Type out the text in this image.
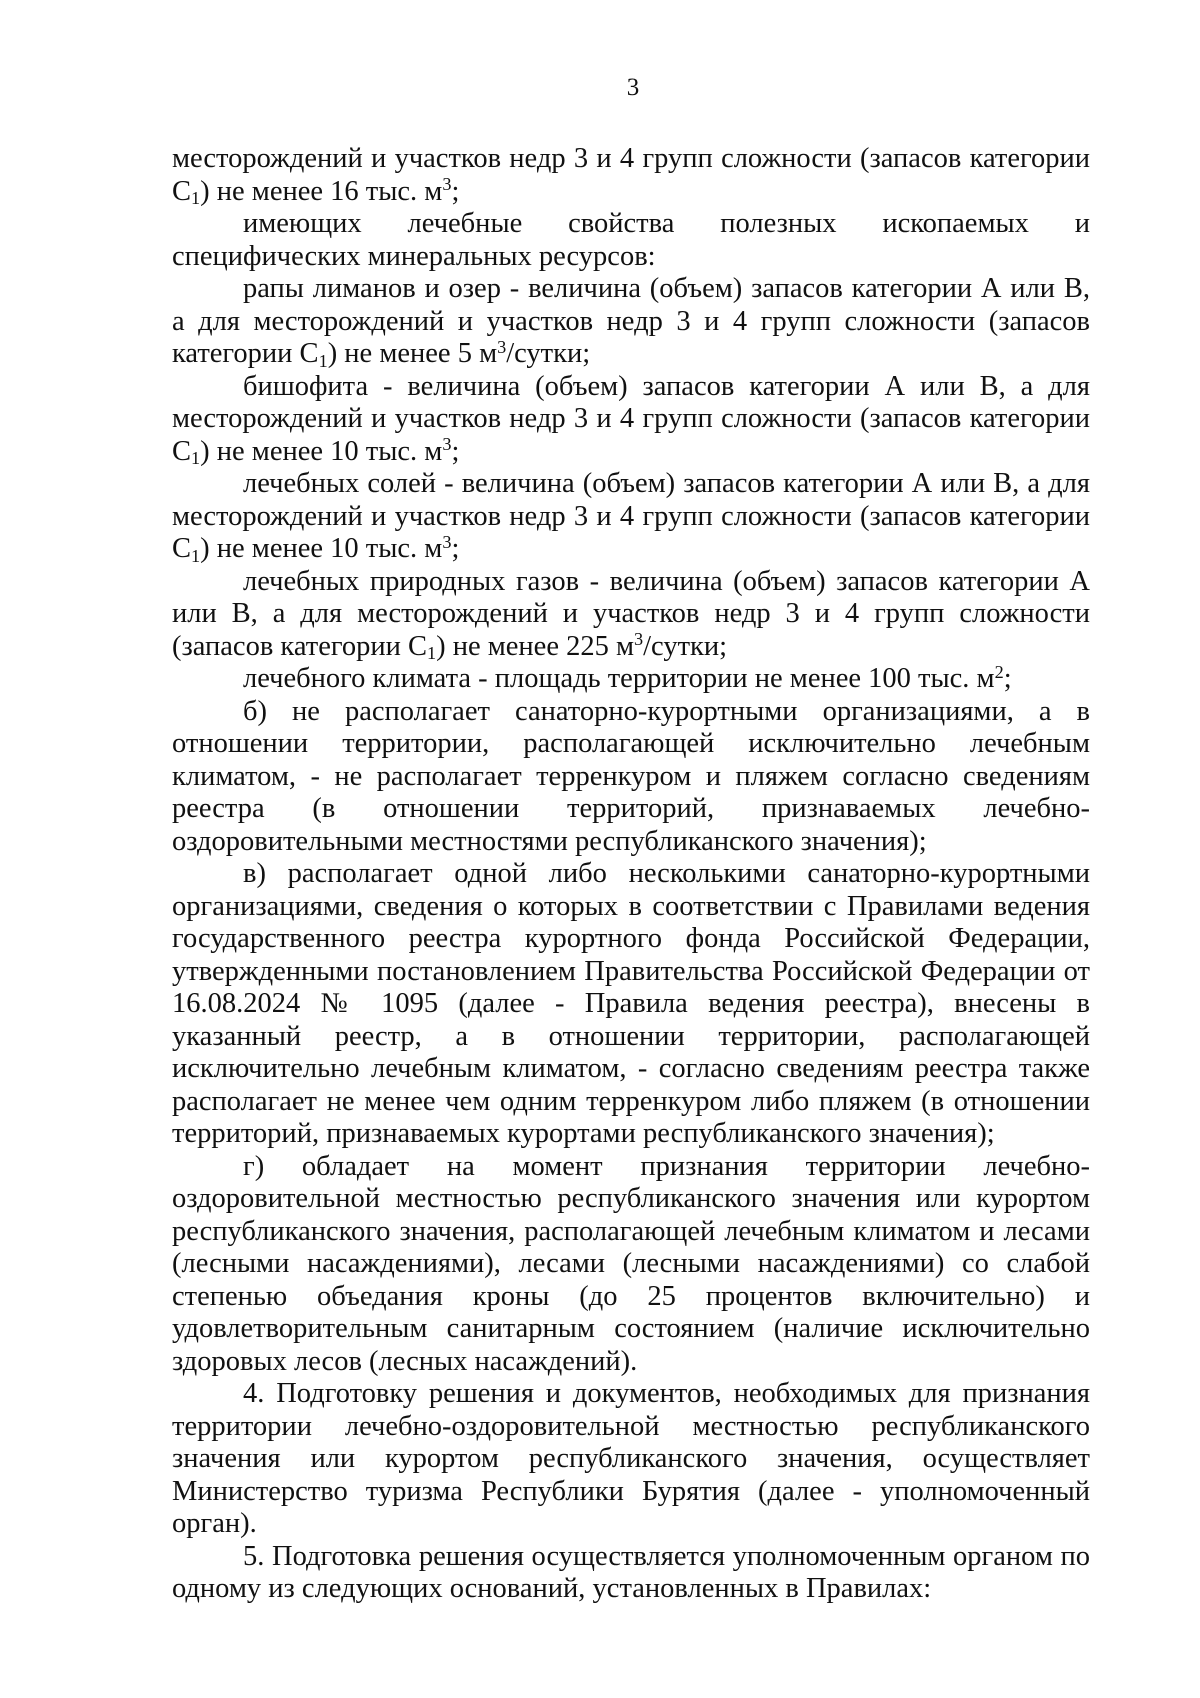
3

месторождений и участков недр 3 и 4 групп сложности (запасов категории $С_1$) не менее 16 тыс. $м^3$;

имеющих лечебные свойства полезных ископаемых и специфических минеральных ресурсов:

рапы лиманов и озер - величина (объем) запасов категории А или В, а для месторождений и участков недр 3 и 4 групп сложности (запасов категории $С_1$) не менее 5 $м^3$/сутки;

бишофита - величина (объем) запасов категории А или В, а для месторождений и участков недр 3 и 4 групп сложности (запасов категории $С_1$) не менее 10 тыс. $м^3$;

лечебных солей - величина (объем) запасов категории А или В, а для месторождений и участков недр 3 и 4 групп сложности (запасов категории $С_1$) не менее 10 тыс. $м^3$;

лечебных природных газов - величина (объем) запасов категории А или В, а для месторождений и участков недр 3 и 4 групп сложности (запасов категории $С_1$) не менее 225 $м^3$/сутки;

лечебного климата - площадь территории не менее 100 тыс. $м^2$;

б) не располагает санаторно-курортными организациями, а в отношении территории, располагающей исключительно лечебным климатом, - не располагает терренкуром и пляжем согласно сведениям реестра (в отношении территорий, признаваемых лечебно-оздоровительными местностями республиканского значения);

в) располагает одной либо несколькими санаторно-курортными организациями, сведения о которых в соответствии с Правилами ведения государственного реестра курортного фонда Российской Федерации, утвержденными постановлением Правительства Российской Федерации от 16.08.2024 № 1095 (далее - Правила ведения реестра), внесены в указанный реестр, а в отношении территории, располагающей исключительно лечебным климатом, - согласно сведениям реестра также располагает не менее чем одним терренкуром либо пляжем (в отношении территорий, признаваемых курортами республиканского значения);

г) обладает на момент признания территории лечебно-оздоровительной местностью республиканского значения или курортом республиканского значения, располагающей лечебным климатом и лесами (лесными насаждениями), лесами (лесными насаждениями) со слабой степенью объедания кроны (до 25 процентов включительно) и удовлетворительным санитарным состоянием (наличие исключительно здоровых лесов (лесных насаждений).

4. Подготовку решения и документов, необходимых для признания территории лечебно-оздоровительной местностью республиканского значения или курортом республиканского значения, осуществляет Министерство туризма Республики Бурятия (далее - уполномоченный орган).

5. Подготовка решения осуществляется уполномоченным органом по одному из следующих оснований, установленных в Правилах:
